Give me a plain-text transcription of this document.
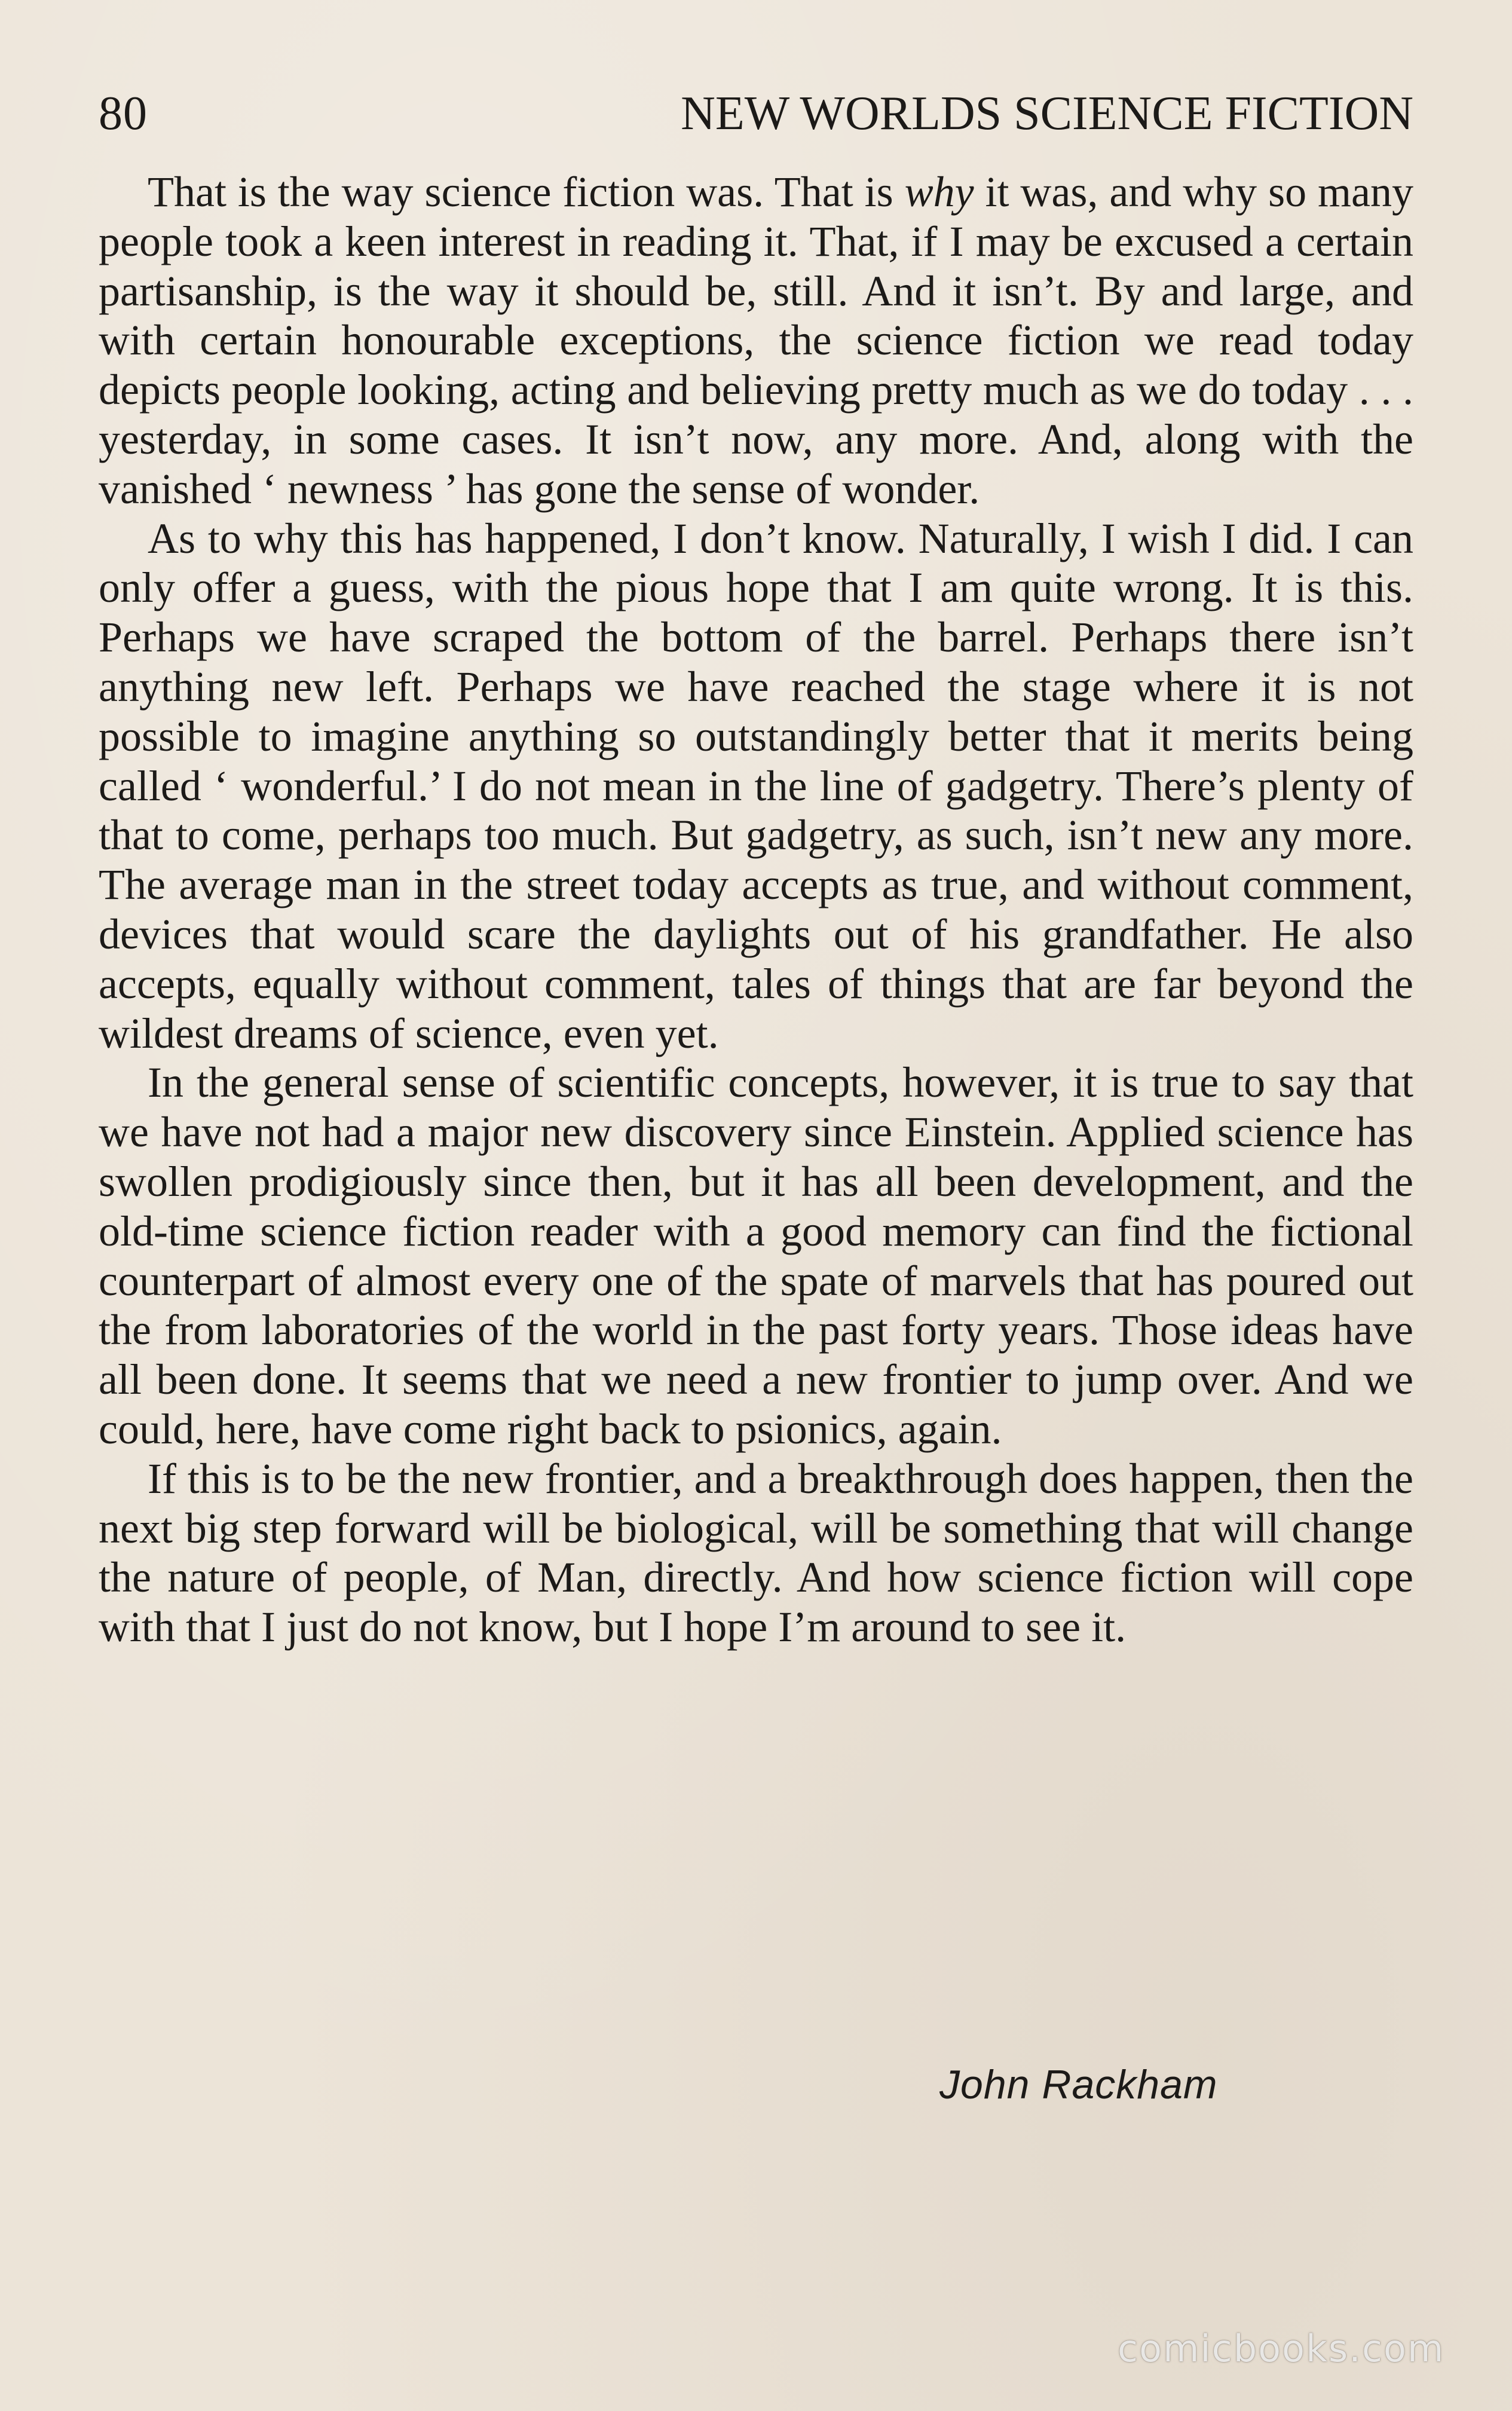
80	NEW WORLDS SCIENCE FICTION

That is the way science fiction was. That is why it was, and why so many people took a keen interest in reading it. That, if I may be excused a certain partisanship, is the way it should be, still. And it isn’t. By and large, and with certain honourable exceptions, the science fiction we read today depicts people looking, acting and believing pretty much as we do today . . . yesterday, in some cases. It isn’t now, any more. And, along with the vanished ‘ newness ’ has gone the sense of wonder.

As to why this has happened, I don’t know. Naturally, I wish I did. I can only offer a guess, with the pious hope that I am quite wrong. It is this. Perhaps we have scraped the bottom of the barrel. Perhaps there isn’t anything new left. Perhaps we have reached the stage where it is not possible to imagine anything so outstandingly better that it merits being called ‘ wonderful.’ I do not mean in the line of gadgetry. There’s plenty of that to come, perhaps too much. But gadgetry, as such, isn’t new any more. The average man in the street today accepts as true, and without comment, devices that would scare the daylights out of his grandfather. He also accepts, equally without comment, tales of things that are far beyond the wildest dreams of science, even yet.

In the general sense of scientific concepts, however, it is true to say that we have not had a major new discovery since Einstein. Applied science has swollen prodigiously since then, but it has all been development, and the old-time science fiction reader with a good memory can find the fictional counterpart of almost every one of the spate of marvels that has poured out the from laboratories of the world in the past forty years. Those ideas have all been done. It seems that we need a new frontier to jump over. And we could, here, have come right back to psionics, again.

If this is to be the new frontier, and a breakthrough does happen, then the next big step forward will be biological, will be something that will change the nature of people, of Man, directly. And how science fiction will cope with that I just do not know, but I hope I’m around to see it.

John Rackham
comicbooks.com
